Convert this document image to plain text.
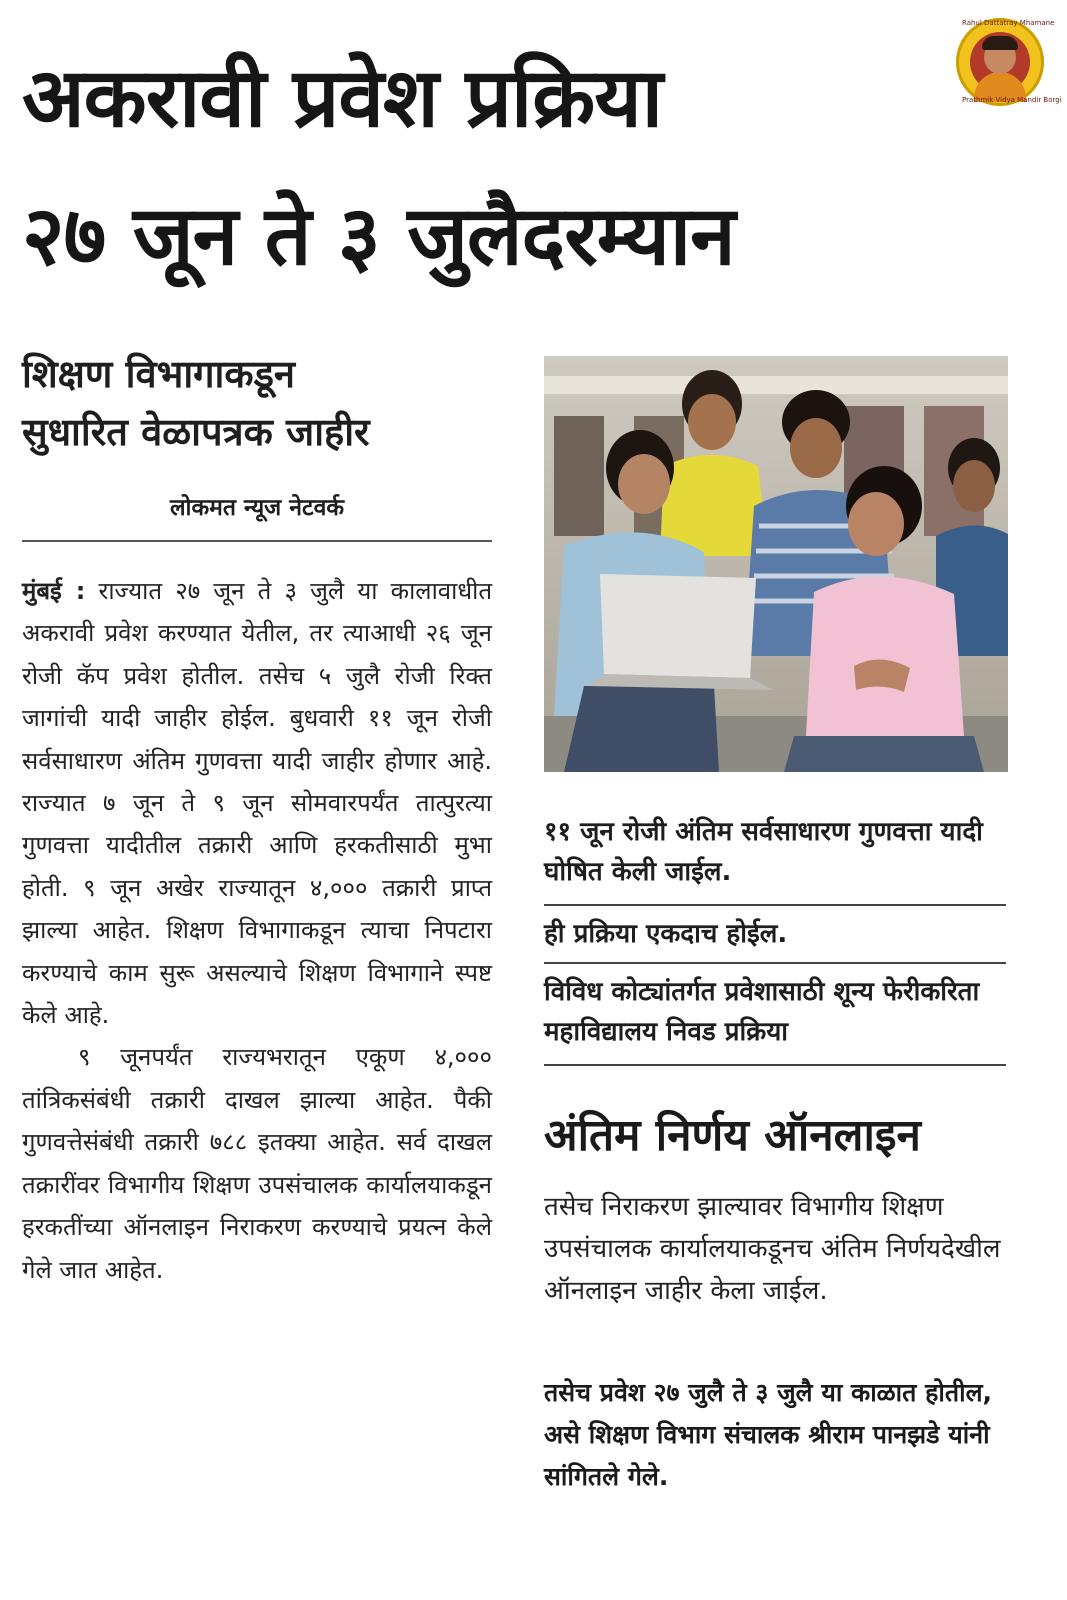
अकरावी प्रवेश प्रक्रिया
२७ जून ते ३ जुलैदरम्यान
Rahul Dattatray Mhamane
Prathmik Vidya Mandir Borgi
शिक्षण विभागाकडून
सुधारित वेळापत्रक जाहीर
लोकमत न्यूज नेटवर्क

मुंबई : राज्यात २७ जून ते ३ जुलै या कालावाधीत अकरावी प्रवेश करण्यात येतील, तर त्याआधी २६ जून रोजी कॅप प्रवेश होतील. तसेच ५ जुलै रोजी रिक्त जागांची यादी जाहीर होईल. बुधवारी ११ जून रोजी सर्वसाधारण अंतिम गुणवत्ता यादी जाहीर होणार आहे. राज्यात ७ जून ते ९ जून सोमवारपर्यंत तात्पुरत्या गुणवत्ता यादीतील तक्रारी आणि हरकतीसाठी मुभा होती. ९ जून अखेर राज्यातून ४,००० तक्रारी प्राप्त झाल्या आहेत. शिक्षण विभागाकडून त्याचा निपटारा करण्याचे काम सुरू असल्याचे शिक्षण विभागाने स्पष्ट केले आहे.

९ जूनपर्यंत राज्यभरातून एकूण ४,००० तांत्रिकसंबंधी तक्रारी दाखल झाल्या आहेत. पैकी गुणवत्तेसंबंधी तक्रारी ७८८ इतक्या आहेत. सर्व दाखल तक्रारींवर विभागीय शिक्षण उपसंचालक कार्यालयाकडून हरकतींच्या ऑनलाइन निराकरण करण्याचे प्रयत्न केले गेले जात आहेत.

११ जून रोजी अंतिम सर्वसाधारण गुणवत्ता यादी घोषित केली जाईल.
ही प्रक्रिया एकदाच होईल.
विविध कोट्यांतर्गत प्रवेशासाठी शून्य फेरीकरिता महाविद्यालय निवड प्रक्रिया
अंतिम निर्णय ऑनलाइन
तसेच निराकरण झाल्यावर विभागीय शिक्षण उपसंचालक कार्यालयाकडूनच अंतिम निर्णयदेखील ऑनलाइन जाहीर केला जाईल.
तसेच प्रवेश २७ जुलै ते ३ जुलै या काळात होतील, असे शिक्षण विभाग संचालक श्रीराम पानझडे यांनी सांगितले गेले.
